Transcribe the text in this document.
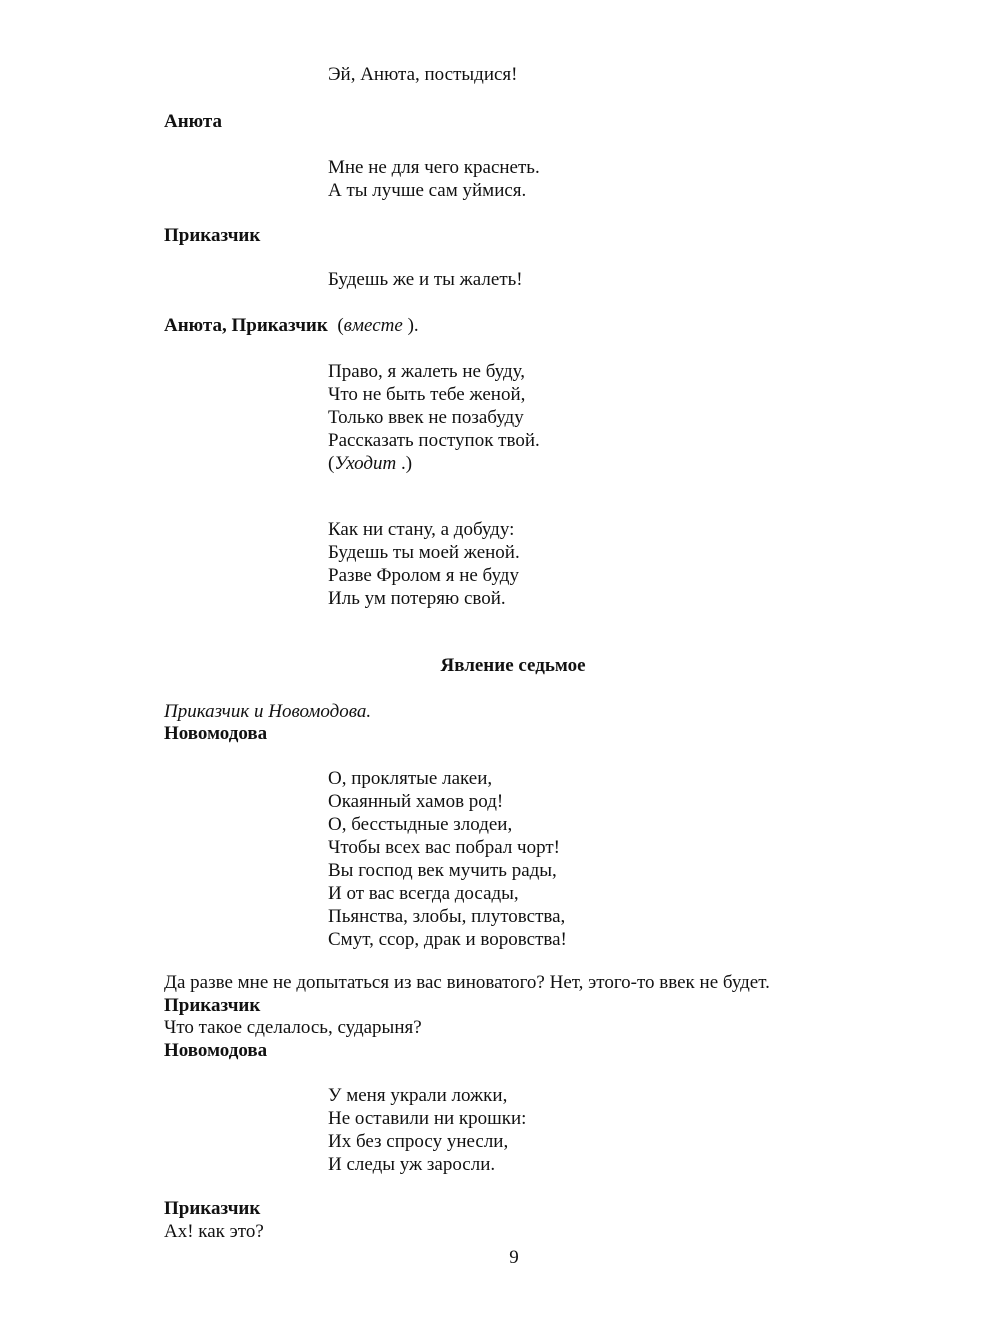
Эй, Анюта, постыдися!
Анюта
Мне не для чего краснеть.
А ты лучше сам уймися.
Приказчик
Будешь же и ты жалеть!
Анюта, Приказчик  (вместе ).
Право, я жалеть не буду,
Что не быть тебе женой,
Только ввек не позабуду
Рассказать поступок твой.
(Уходит .)
Как ни стану, а добуду:
Будешь ты моей женой.
Разве Фролом я не буду
Иль ум потеряю свой.
Явление седьмое
Приказчик и Новомодова.
Новомодова
О, проклятые лакеи,
Окаянный хамов род!
О, бесстыдные злодеи,
Чтобы всех вас побрал чорт!
Вы господ век мучить рады,
И от вас всегда досады,
Пьянства, злобы, плутовства,
Смут, ссор, драк и воровства!
Да разве мне не допытаться из вас виноватого? Нет, этого-то ввек не будет.
Приказчик
Что такое сделалось, сударыня?
Новомодова
У меня украли ложки,
Не оставили ни крошки:
Их без спросу унесли,
И следы уж заросли.
Приказчик
Ах! как это?
9
